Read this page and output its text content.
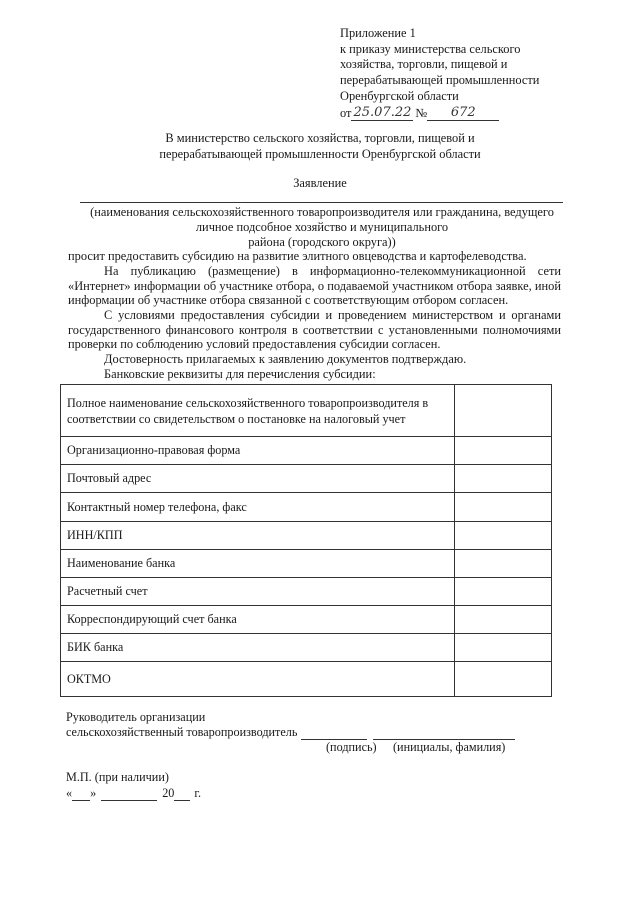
Приложение 1
к приказу министерства сельского
хозяйства, торговли, пищевой и
перерабатывающей промышленности
Оренбургской области
от 25.07.22 №	672
В министерство сельского хозяйства, торговли, пищевой и
перерабатывающей промышленности Оренбургской области
Заявление
(наименования сельскохозяйственного товаропроизводителя или гражданина, ведущего
личное подсобное хозяйство и муниципального
района (городского округа))
просит предоставить субсидию на развитие элитного овцеводства и картофелеводства.
На публикацию (размещение) в информационно-телекоммуникационной сети «Интернет» информации об участнике отбора, о подаваемой участником отбора заявке, иной информации об участнике отбора связанной с соответствующим отбором согласен.
С условиями предоставления субсидии и проведением министерством и органами государственного финансового контроля в соответствии с установленными полномочиями проверки по соблюдению условий предоставления субсидии согласен.
Достоверность прилагаемых к заявлению документов подтверждаю.
Банковские реквизиты для перечисления субсидии:
Полное наименование сельскохозяйственного товаропроизводителя в соответствии со свидетельством о постановке на налоговый учет	
Организационно-правовая форма	
Почтовый адрес	
Контактный номер телефона, факс	
ИНН/КПП	
Наименование банка	
Расчетный счет	
Корреспондирующий счет банка	
БИК банка	
ОКТМО	
Руководитель организации
сельскохозяйственный товаропроизводитель
(подпись) (инициалы, фамилия)
М.П. (при наличии)
« »	20 г.
